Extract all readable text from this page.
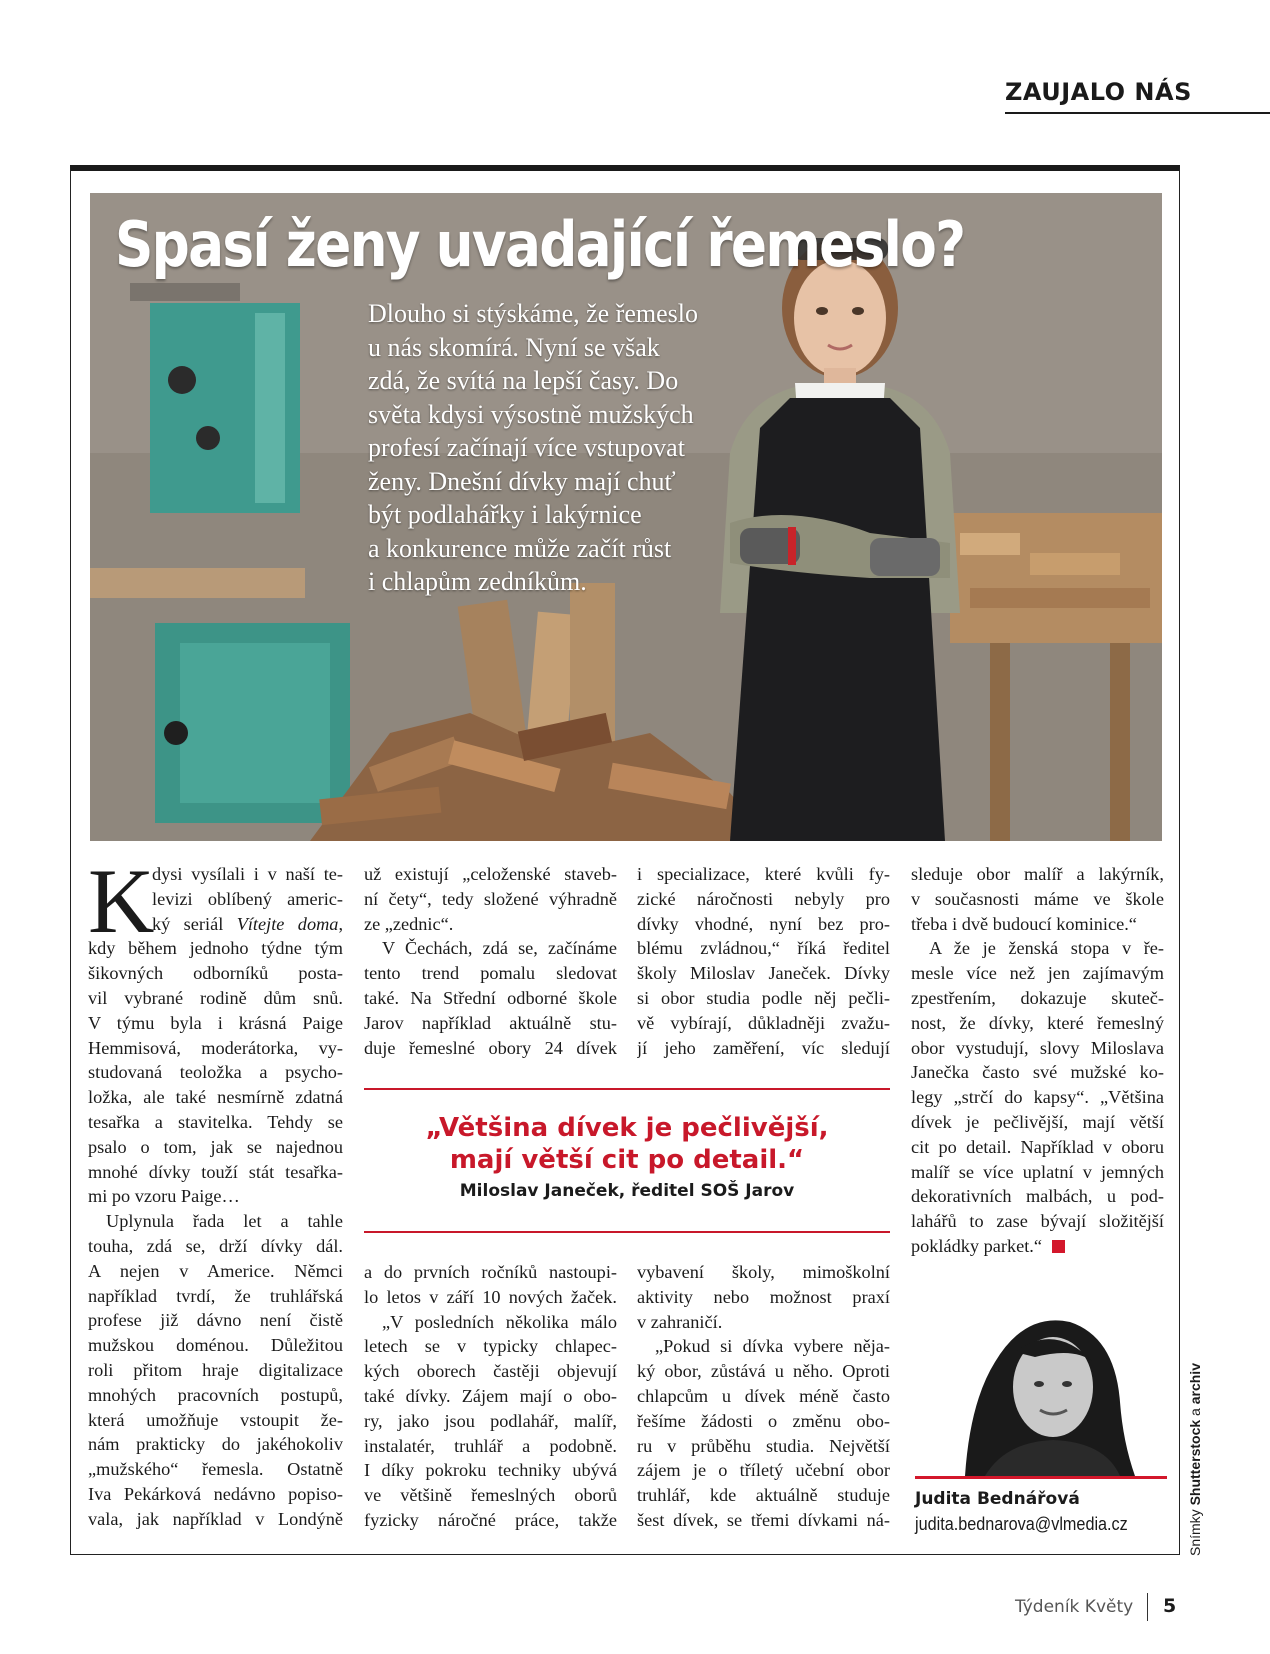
ZAUJALO NÁS
Spasí ženy uvadající řemeslo?
Dlouho si stýskáme, že řemeslo
u nás skomírá. Nyní se však
zdá, že svítá na lepší časy. Do
světa kdysi výsostně mužských
profesí začínají více vstupovat
ženy. Dnešní dívky mají chuť
být podlahářky i lakýrnice
a konkurence může začít růst
i chlapům zedníkům.
K
dysi vysílali i v naší te-
levizi oblíbený americ-
ký seriál Vítejte doma,
kdy během jednoho týdne tým
šikovných odborníků posta-
vil vybrané rodině dům snů.
V týmu byla i krásná Paige
Hemmisová, moderátorka, vy-
studovaná teoložka a psycho-
ložka, ale také nesmírně zdatná
tesařka a stavitelka. Tehdy se
psalo o tom, jak se najednou
mnohé dívky touží stát tesařka-
mi po vzoru Paige…
Uplynula řada let a tahle
touha, zdá se, drží dívky dál.
A nejen v Americe. Němci
například tvrdí, že truhlářská
profese již dávno není čistě
mužskou doménou. Důležitou
roli přitom hraje digitalizace
mnohých pracovních postupů,
která umožňuje vstoupit že-
nám prakticky do jakéhokoliv
„mužského“ řemesla. Ostatně
Iva Pekárková nedávno popiso-
vala, jak například v Londýně
už existují „celoženské staveb-
ní čety“, tedy složené výhradně
ze „zednic“.
V Čechách, zdá se, začínáme
tento trend pomalu sledovat
také. Na Střední odborné škole
Jarov například aktuálně stu-
duje řemeslné obory 24 dívek
i specializace, které kvůli fy-
zické náročnosti nebyly pro
dívky vhodné, nyní bez pro-
blému zvládnou,“ říká ředitel
školy Miloslav Janeček. Dívky
si obor studia podle něj pečli-
vě vybírají, důkladněji zvažu-
jí jeho zaměření, víc sledují
„Většina dívek je pečlivější,
mají větší cit po detail.“
Miloslav Janeček, ředitel SOŠ Jarov
a do prvních ročníků nastoupi-
lo letos v září 10 nových žaček.
„V posledních několika málo
letech se v typicky chlapec-
kých oborech častěji objevují
také dívky. Zájem mají o obo-
ry, jako jsou podlahář, malíř,
instalatér, truhlář a podobně.
I díky pokroku techniky ubývá
ve většině řemeslných oborů
fyzicky náročné práce, takže
vybavení školy, mimoškolní
aktivity nebo možnost praxí
v zahraničí.
„Pokud si dívka vybere něja-
ký obor, zůstává u něho. Oproti
chlapcům u dívek méně často
řešíme žádosti o změnu obo-
ru v průběhu studia. Největší
zájem je o tříletý učební obor
truhlář, kde aktuálně studuje
šest dívek, se třemi dívkami ná-
sleduje obor malíř a lakýrník,
v současnosti máme ve škole
třeba i dvě budoucí kominice.“
A že je ženská stopa v ře-
mesle více než jen zajímavým
zpestřením, dokazuje skuteč-
nost, že dívky, které řemeslný
obor vystudují, slovy Miloslava
Janečka často své mužské ko-
legy „strčí do kapsy“. „Většina
dívek je pečlivější, mají větší
cit po detail. Například v oboru
malíř se více uplatní v jemných
dekorativních malbách, u pod-
lahářů to zase bývají složitější
pokládky parket.“
Judita Bednářová
judita.bednarova@vlmedia.cz	Snímky Shutterstock a archiv
Týdeník Květy 5
